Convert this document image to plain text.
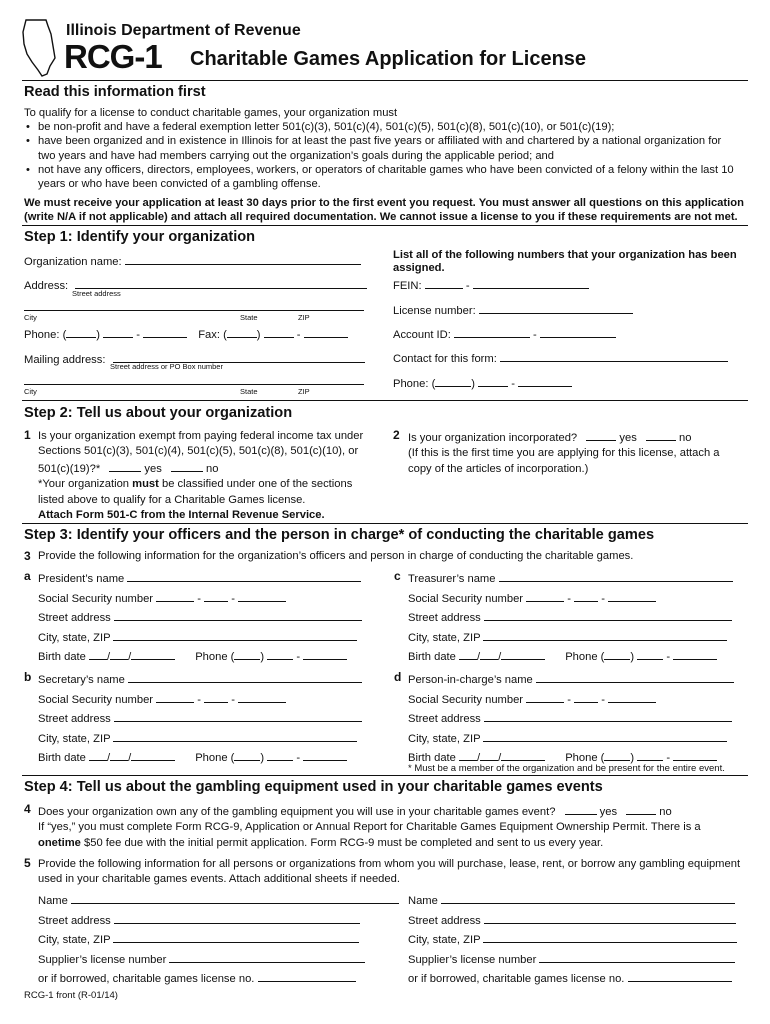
Illinois Department of Revenue
RCG-1 Charitable Games Application for License
Read this information first
To qualify for a license to conduct charitable games, your organization must
• be non-profit and have a federal exemption letter 501(c)(3), 501(c)(4), 501(c)(5), 501(c)(8), 501(c)(10), or 501(c)(19);
• have been organized and in existence in Illinois for at least the past five years or affiliated with and chartered by a national organization for
two years and have had members carrying out the organization’s goals during the applicable period; and
• not have any officers, directors, employees, workers, or operators of charitable games who have been convicted of a felony within the last 10
years or who have been convicted of a gambling offense.
We must receive your application at least 30 days prior to the first event you request. You must answer all questions on this application
(write N/A if not applicable) and attach all required documentation. We cannot issue a license to you if these requirements are not met.
Step 1: Identify your organization
Organization name:
Address:
Street address
City	State	ZIP
Phone: (	)	-	Fax: (	)	-
Mailing address:
Street address or PO Box number
City	State	ZIP
List all of the following numbers that your organization has been
assigned.
FEIN:	-
License number:
Account ID:	-
Contact for this form:
Phone: (	)	-
Step 2: Tell us about your organization
1 Is your organization exempt from paying federal income tax under
Sections 501(c)(3), 501(c)(4), 501(c)(5), 501(c)(8), 501(c)(10), or
501(c)(19)?*	yes	no
*Your organization must be classified under one of the sections
listed above to qualify for a Charitable Games license.
Attach Form 501-C from the Internal Revenue Service.
2 Is your organization incorporated?	yes	no
(If this is the first time you are applying for this license, attach a
copy of the articles of incorporation.)
Step 3: Identify your officers and the person in charge* of conducting the charitable games
3 Provide the following information for the organization’s officers and person in charge of conducting the charitable games.
a President’s name
Social Security number	-	-
Street address
City, state, ZIP
Birth date / /	Phone ( )	-
c Treasurer’s name
Social Security number	-	-
Street address
City, state, ZIP
Birth date / /	Phone ( )	-
b Secretary’s name
Social Security number	-	-
Street address
City, state, ZIP
Birth date / /	Phone ( )	-
d Person-in-charge’s name
Social Security number	-	-
Street address
City, state, ZIP
Birth date / /	Phone ( )	-
* Must be a member of the organization and be present for the entire event.
Step 4: Tell us about the gambling equipment used in your charitable games events
4 Does your organization own any of the gambling equipment you will use in your charitable games event?	yes	no
If “yes,” you must complete Form RCG-9, Application or Annual Report for Charitable Games Equipment Ownership Permit. There is a
onetime $50 fee due with the initial permit application. Form RCG-9 must be completed and sent to us every year.
5 Provide the following information for all persons or organizations from whom you will purchase, lease, rent, or borrow any gambling equipment
used in your charitable games events. Attach additional sheets if needed.
Name
Street address
City, state, ZIP
Supplier’s license number
or if borrowed, charitable games license no.
Name
Street address
City, state, ZIP
Supplier’s license number
or if borrowed, charitable games license no.
RCG-1 front (R-01/14)
